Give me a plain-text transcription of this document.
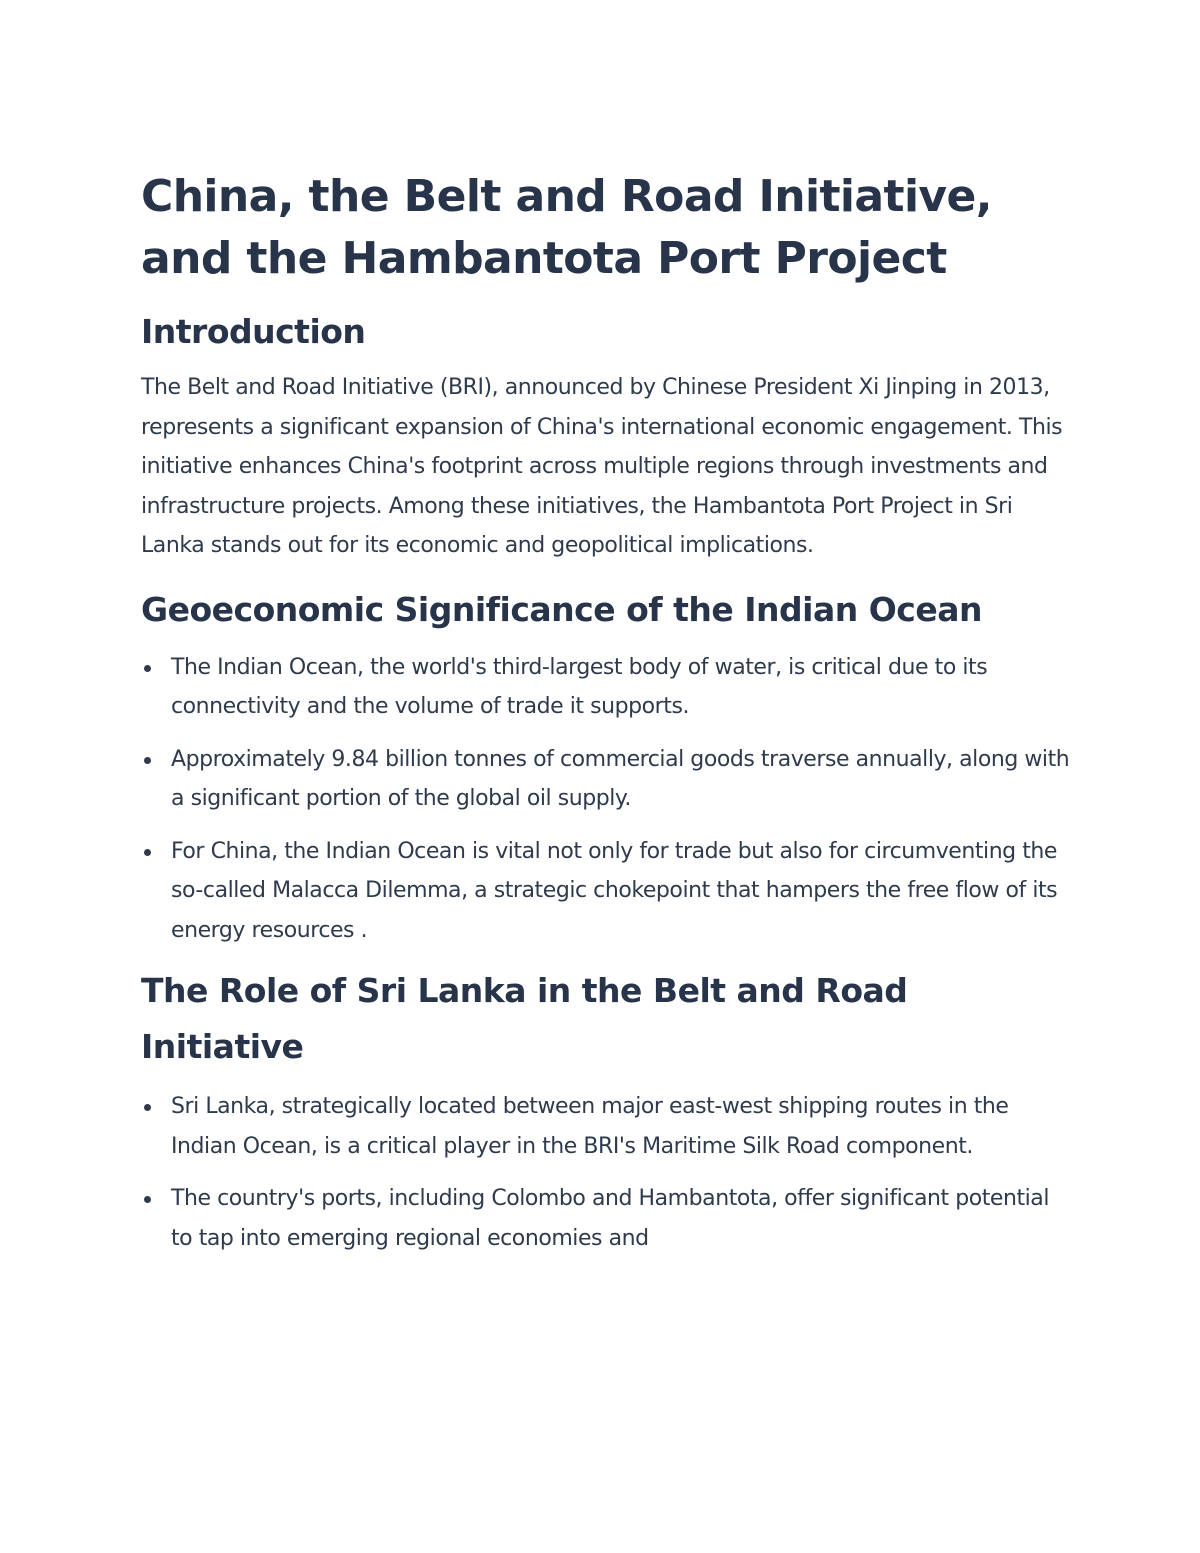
China, the Belt and Road Initiative, and the Hambantota Port Project
Introduction

The Belt and Road Initiative (BRI), announced by Chinese President Xi Jinping in 2013, represents a significant expansion of China's international economic engagement. This initiative enhances China's footprint across multiple regions through investments and infrastructure projects. Among these initiatives, the Hambantota Port Project in Sri Lanka stands out for its economic and geopolitical implications.

Geoeconomic Significance of the Indian Ocean
The Indian Ocean, the world's third-largest body of water, is critical due to its connectivity and the volume of trade it supports.
Approximately 9.84 billion tonnes of commercial goods traverse annually, along with a significant portion of the global oil supply.
For China, the Indian Ocean is vital not only for trade but also for circumventing the so-called Malacca Dilemma, a strategic chokepoint that hampers the free flow of its energy resources .
The Role of Sri Lanka in the Belt and Road Initiative
Sri Lanka, strategically located between major east-west shipping routes in the Indian Ocean, is a critical player in the BRI's Maritime Silk Road component.
The country's ports, including Colombo and Hambantota, offer significant potential to tap into emerging regional economies and
